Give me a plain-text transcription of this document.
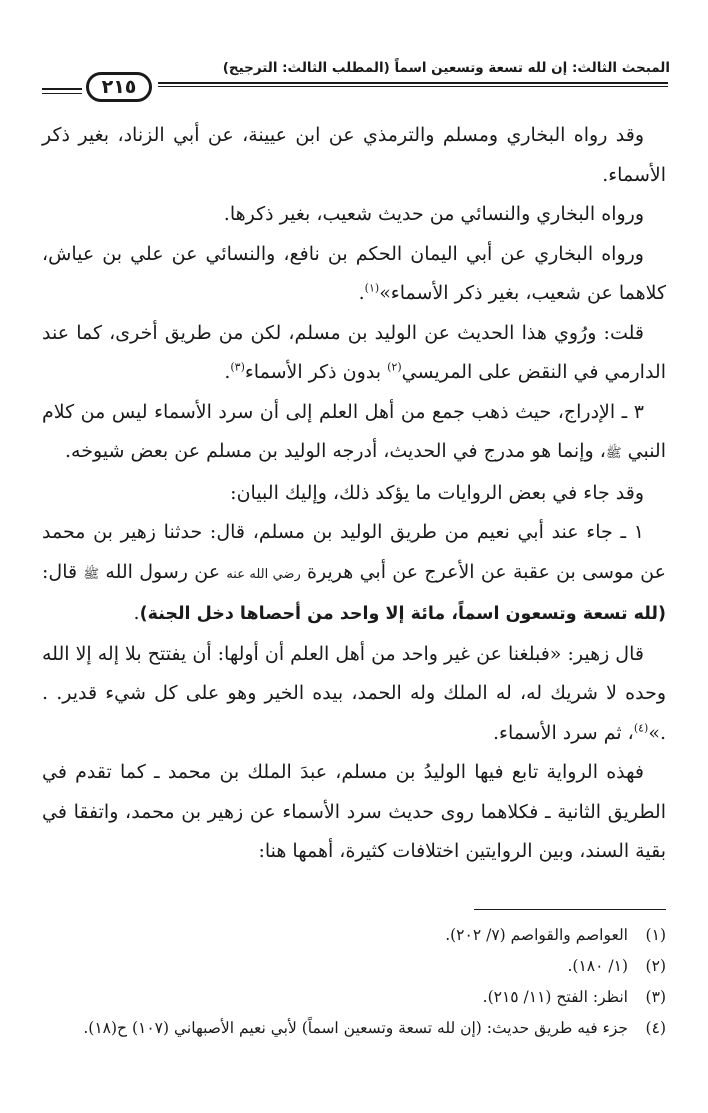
المبحث الثالث: إن لله تسعة وتسعين اسماً (المطلب الثالث: الترجيح)
٢١٥

وقد رواه البخاري ومسلم والترمذي عن ابن عيينة، عن أبي الزناد، بغير ذكر الأسماء.

ورواه البخاري والنسائي من حديث شعيب، بغير ذكرها.

ورواه البخاري عن أبي اليمان الحكم بن نافع، والنسائي عن علي بن عياش، كلاهما عن شعيب، بغير ذكر الأسماء»$^{(١)}$.

قلت: ورُوي هذا الحديث عن الوليد بن مسلم، لكن من طريق أخرى، كما عند الدارمي في النقض على المريسي$^{(٢)}$ بدون ذكر الأسماء$^{(٣)}$.

٣ ـ الإدراج، حيث ذهب جمع من أهل العلم إلى أن سرد الأسماء ليس من كلام النبي ﷺ، وإنما هو مدرج في الحديث، أدرجه الوليد بن مسلم عن بعض شيوخه.

وقد جاء في بعض الروايات ما يؤكد ذلك، وإليك البيان:

١ ـ جاء عند أبي نعيم من طريق الوليد بن مسلم، قال: حدثنا زهير بن محمد عن موسى بن عقبة عن الأعرج عن أبي هريرة رضي الله عنه عن رسول الله ﷺ قال: (لله تسعة وتسعون اسماً، مائة إلا واحد من أحصاها دخل الجنة).

قال زهير: «فبلغنا عن غير واحد من أهل العلم أن أولها: أن يفتتح بلا إله إلا الله وحده لا شريك له، له الملك وله الحمد، بيده الخير وهو على كل شيء قدير. . .»$^{(٤)}$، ثم سرد الأسماء.

فهذه الرواية تابع فيها الوليدُ بن مسلم، عبدَ الملك بن محمد ـ كما تقدم في الطريق الثانية ـ فكلاهما روى حديث سرد الأسماء عن زهير بن محمد، واتفقا في بقية السند، وبين الروايتين اختلافات كثيرة، أهمها هنا:

(١)
العواصم والقواصم (٧/ ٢٠٢).
(٢)
(١/ ١٨٠).
(٣)
انظر: الفتح (١١/ ٢١٥).
(٤)
جزء فيه طريق حديث: (إن لله تسعة وتسعين اسماً) لأبي نعيم الأصبهاني (١٠٧) ح(١٨).
